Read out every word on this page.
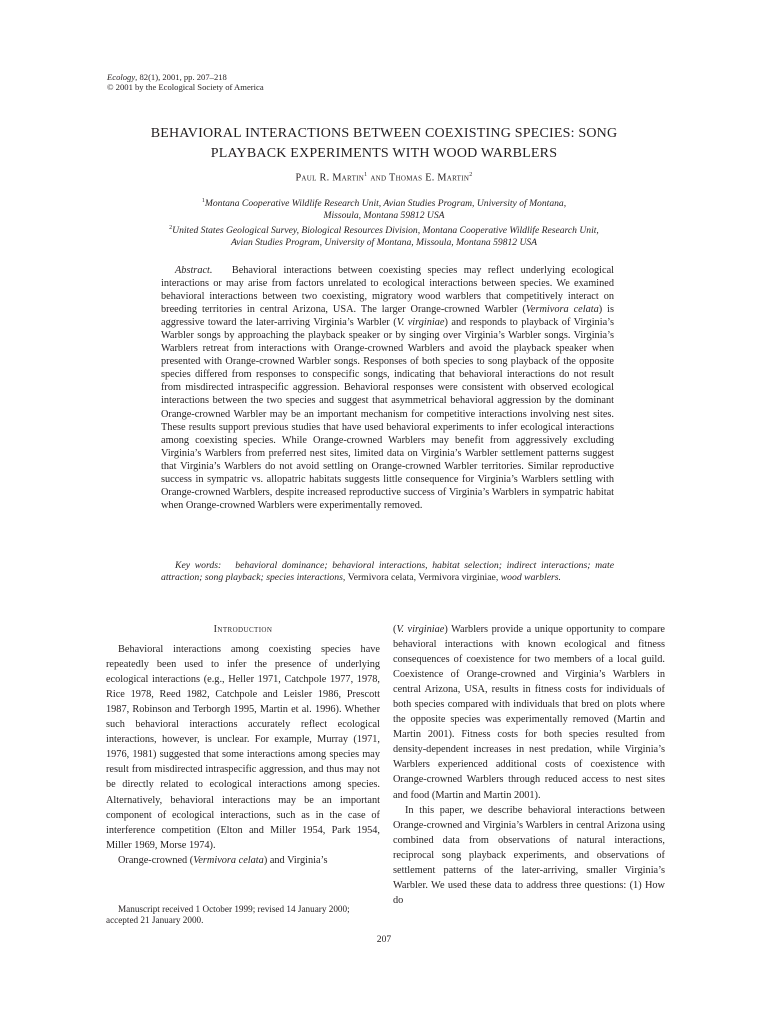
Ecology, 82(1), 2001, pp. 207–218
© 2001 by the Ecological Society of America
BEHAVIORAL INTERACTIONS BETWEEN COEXISTING SPECIES: SONG
PLAYBACK EXPERIMENTS WITH WOOD WARBLERS
Paul R. Martin$^1$ and Thomas E. Martin$^2$
$^1$Montana Cooperative Wildlife Research Unit, Avian Studies Program, University of Montana,
Missoula, Montana 59812 USA
$^2$United States Geological Survey, Biological Resources Division, Montana Cooperative Wildlife Research Unit,
Avian Studies Program, University of Montana, Missoula, Montana 59812 USA

Abstract. Behavioral interactions between coexisting species may reflect underlying ecological interactions or may arise from factors unrelated to ecological interactions between species. We examined behavioral interactions between two coexisting, migratory wood warblers that competitively interact on breeding territories in central Arizona, USA. The larger Orange-crowned Warbler (Vermivora celata) is aggressive toward the later-arriving Virginia’s Warbler (V. virginiae) and responds to playback of Virginia’s Warbler songs by approaching the playback speaker or by singing over Virginia’s Warbler songs. Virginia’s Warblers retreat from interactions with Orange-crowned Warblers and avoid the playback speaker when presented with Orange-crowned Warbler songs. Responses of both species to song playback of the opposite species differed from responses to conspecific songs, indicating that behavioral interactions do not result from misdirected intraspecific aggression. Behavioral responses were consistent with observed ecological interactions between the two species and suggest that asymmetrical behavioral aggression by the dominant Orange-crowned Warbler may be an important mechanism for competitive interactions involving nest sites. These results support previous studies that have used behavioral experiments to infer ecological interactions among coexisting species. While Orange-crowned Warblers may benefit from aggressively excluding Virginia’s Warblers from preferred nest sites, limited data on Virginia’s Warbler settlement patterns suggest that Virginia’s Warblers do not avoid settling on Orange-crowned Warbler territories. Similar reproductive success in sympatric vs. allopatric habitats suggests little consequence for Virginia’s Warblers settling with Orange-crowned Warblers, despite increased reproductive success of Virginia’s Warblers in sympatric habitat when Orange-crowned Warblers were experimentally removed.

Key words: behavioral dominance; behavioral interactions, habitat selection; indirect interactions; mate attraction; song playback; species interactions, Vermivora celata, Vermivora virginiae, wood warblers.

Introduction

Behavioral interactions among coexisting species have repeatedly been used to infer the presence of underlying ecological interactions (e.g., Heller 1971, Catchpole 1977, 1978, Rice 1978, Reed 1982, Catchpole and Leisler 1986, Prescott 1987, Robinson and Terborgh 1995, Martin et al. 1996). Whether such behavioral interactions accurately reflect ecological interactions, however, is unclear. For example, Murray (1971, 1976, 1981) suggested that some interactions among species may result from misdirected intraspecific aggression, and thus may not be directly related to ecological interactions among species. Alternatively, behavioral interactions may be an important component of ecological interactions, such as in the case of interference competition (Elton and Miller 1954, Park 1954, Miller 1969, Morse 1974).

Orange-crowned (Vermivora celata) and Virginia’s

(V. virginiae) Warblers provide a unique opportunity to compare behavioral interactions with known ecological and fitness consequences of coexistence for two members of a local guild. Coexistence of Orange-crowned and Virginia’s Warblers in central Arizona, USA, results in fitness costs for individuals of both species compared with individuals that bred on plots where the opposite species was experimentally removed (Martin and Martin 2001). Fitness costs for both species resulted from density-dependent increases in nest predation, while Virginia’s Warblers experienced additional costs of coexistence with Orange-crowned Warblers through reduced access to nest sites and food (Martin and Martin 2001).

In this paper, we describe behavioral interactions between Orange-crowned and Virginia’s Warblers in central Arizona using combined data from observations of natural interactions, reciprocal song playback experiments, and observations of settlement patterns of the later-arriving, smaller Virginia’s Warbler. We used these data to address three questions: (1) How do

Manuscript received 1 October 1999; revised 14 January 2000; accepted 21 January 2000.

207
